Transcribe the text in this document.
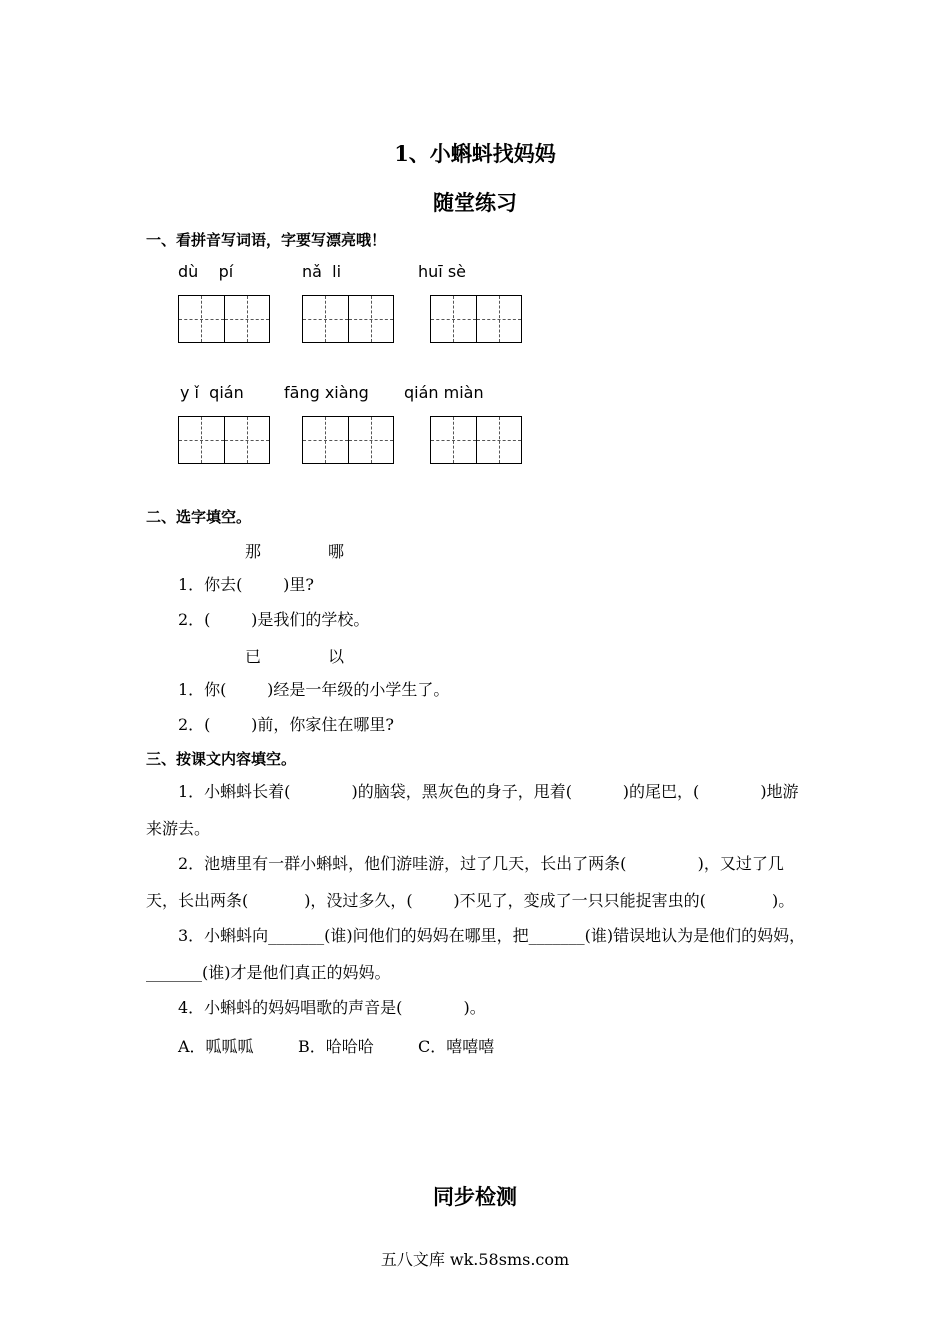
1、小蝌蚪找妈妈
随堂练习
一、看拼音写词语，字要写漂亮哦！
dù    pí	nǎ  li	huī sè
y ǐ  qián	fāng xiàng qián miàn
二、选字填空。
那	哪
1．你去(        )里?
2．(        )是我们的学校。
已	以
1．你(        )经是一年级的小学生了。
2．(        )前，你家住在哪里?
三、按课文内容填空。
1．小蝌蚪长着(            )的脑袋，黑灰色的身子，甩着(          )的尾巴，(            )地游来游去。
2．池塘里有一群小蝌蚪，他们游哇游，过了几天，长出了两条(              )，又过了几天，长出两条(           )，没过多久，(        )不见了，变成了一只只能捉害虫的(             )。
3．小蝌蚪向_______(谁)问他们的妈妈在哪里，把_______(谁)错误地认为是他们的妈妈，_______(谁)才是他们真正的妈妈。
4．小蝌蚪的妈妈唱歌的声音是(            )。
A．呱呱呱	B．哈哈哈	C．嘻嘻嘻
同步检测
五八文库 wk.58sms.com
